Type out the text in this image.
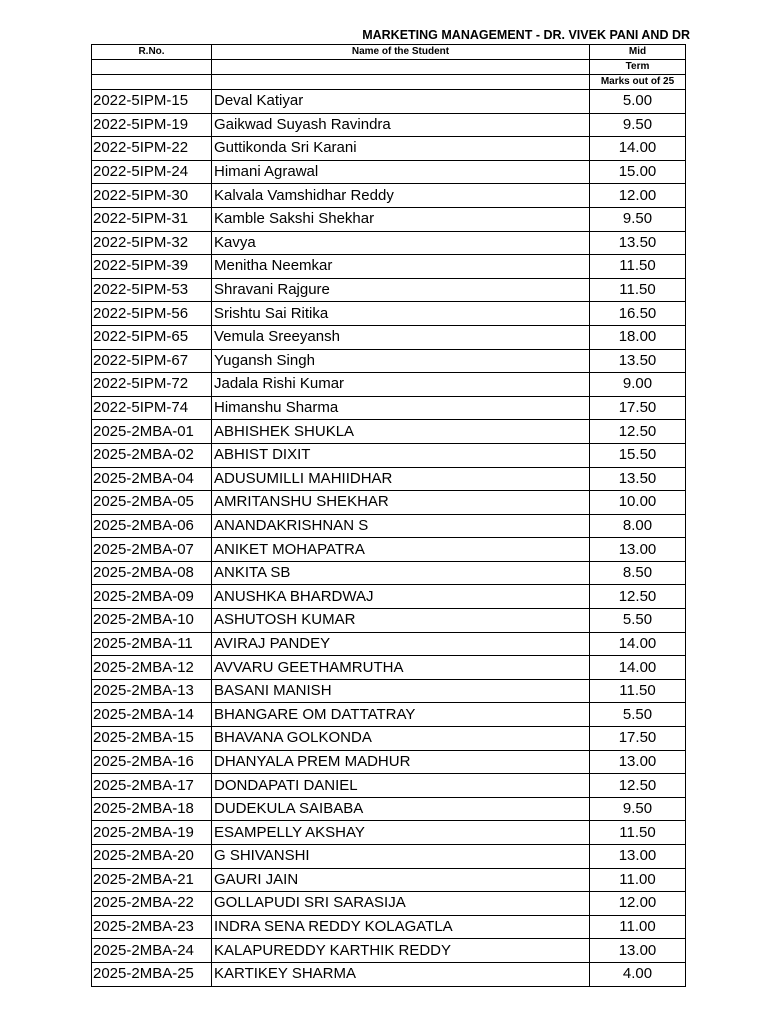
MARKETING MANAGEMENT - DR. VIVEK PANI AND DR
R.No.	Name of the Student	Mid
		Term
		Marks out of 25
2022-5IPM-15	Deval Katiyar	5.00
2022-5IPM-19	Gaikwad Suyash Ravindra	9.50
2022-5IPM-22	Guttikonda Sri Karani	14.00
2022-5IPM-24	Himani Agrawal	15.00
2022-5IPM-30	Kalvala Vamshidhar Reddy	12.00
2022-5IPM-31	Kamble Sakshi Shekhar	9.50
2022-5IPM-32	Kavya	13.50
2022-5IPM-39	Menitha Neemkar	11.50
2022-5IPM-53	Shravani Rajgure	11.50
2022-5IPM-56	Srishtu Sai Ritika	16.50
2022-5IPM-65	Vemula Sreeyansh	18.00
2022-5IPM-67	Yugansh Singh	13.50
2022-5IPM-72	Jadala Rishi Kumar	9.00
2022-5IPM-74	Himanshu Sharma	17.50
2025-2MBA-01	ABHISHEK SHUKLA	12.50
2025-2MBA-02	ABHIST DIXIT	15.50
2025-2MBA-04	ADUSUMILLI MAHIIDHAR	13.50
2025-2MBA-05	AMRITANSHU SHEKHAR	10.00
2025-2MBA-06	ANANDAKRISHNAN S	8.00
2025-2MBA-07	ANIKET MOHAPATRA	13.00
2025-2MBA-08	ANKITA SB	8.50
2025-2MBA-09	ANUSHKA BHARDWAJ	12.50
2025-2MBA-10	ASHUTOSH KUMAR	5.50
2025-2MBA-11	AVIRAJ PANDEY	14.00
2025-2MBA-12	AVVARU GEETHAMRUTHA	14.00
2025-2MBA-13	BASANI MANISH	11.50
2025-2MBA-14	BHANGARE OM DATTATRAY	5.50
2025-2MBA-15	BHAVANA GOLKONDA	17.50
2025-2MBA-16	DHANYALA PREM MADHUR	13.00
2025-2MBA-17	DONDAPATI DANIEL	12.50
2025-2MBA-18	DUDEKULA SAIBABA	9.50
2025-2MBA-19	ESAMPELLY AKSHAY	11.50
2025-2MBA-20	G SHIVANSHI	13.00
2025-2MBA-21	GAURI JAIN	11.00
2025-2MBA-22	GOLLAPUDI SRI SARASIJA	12.00
2025-2MBA-23	INDRA SENA REDDY KOLAGATLA	11.00
2025-2MBA-24	KALAPUREDDY KARTHIK REDDY	13.00
2025-2MBA-25	KARTIKEY SHARMA	4.00
